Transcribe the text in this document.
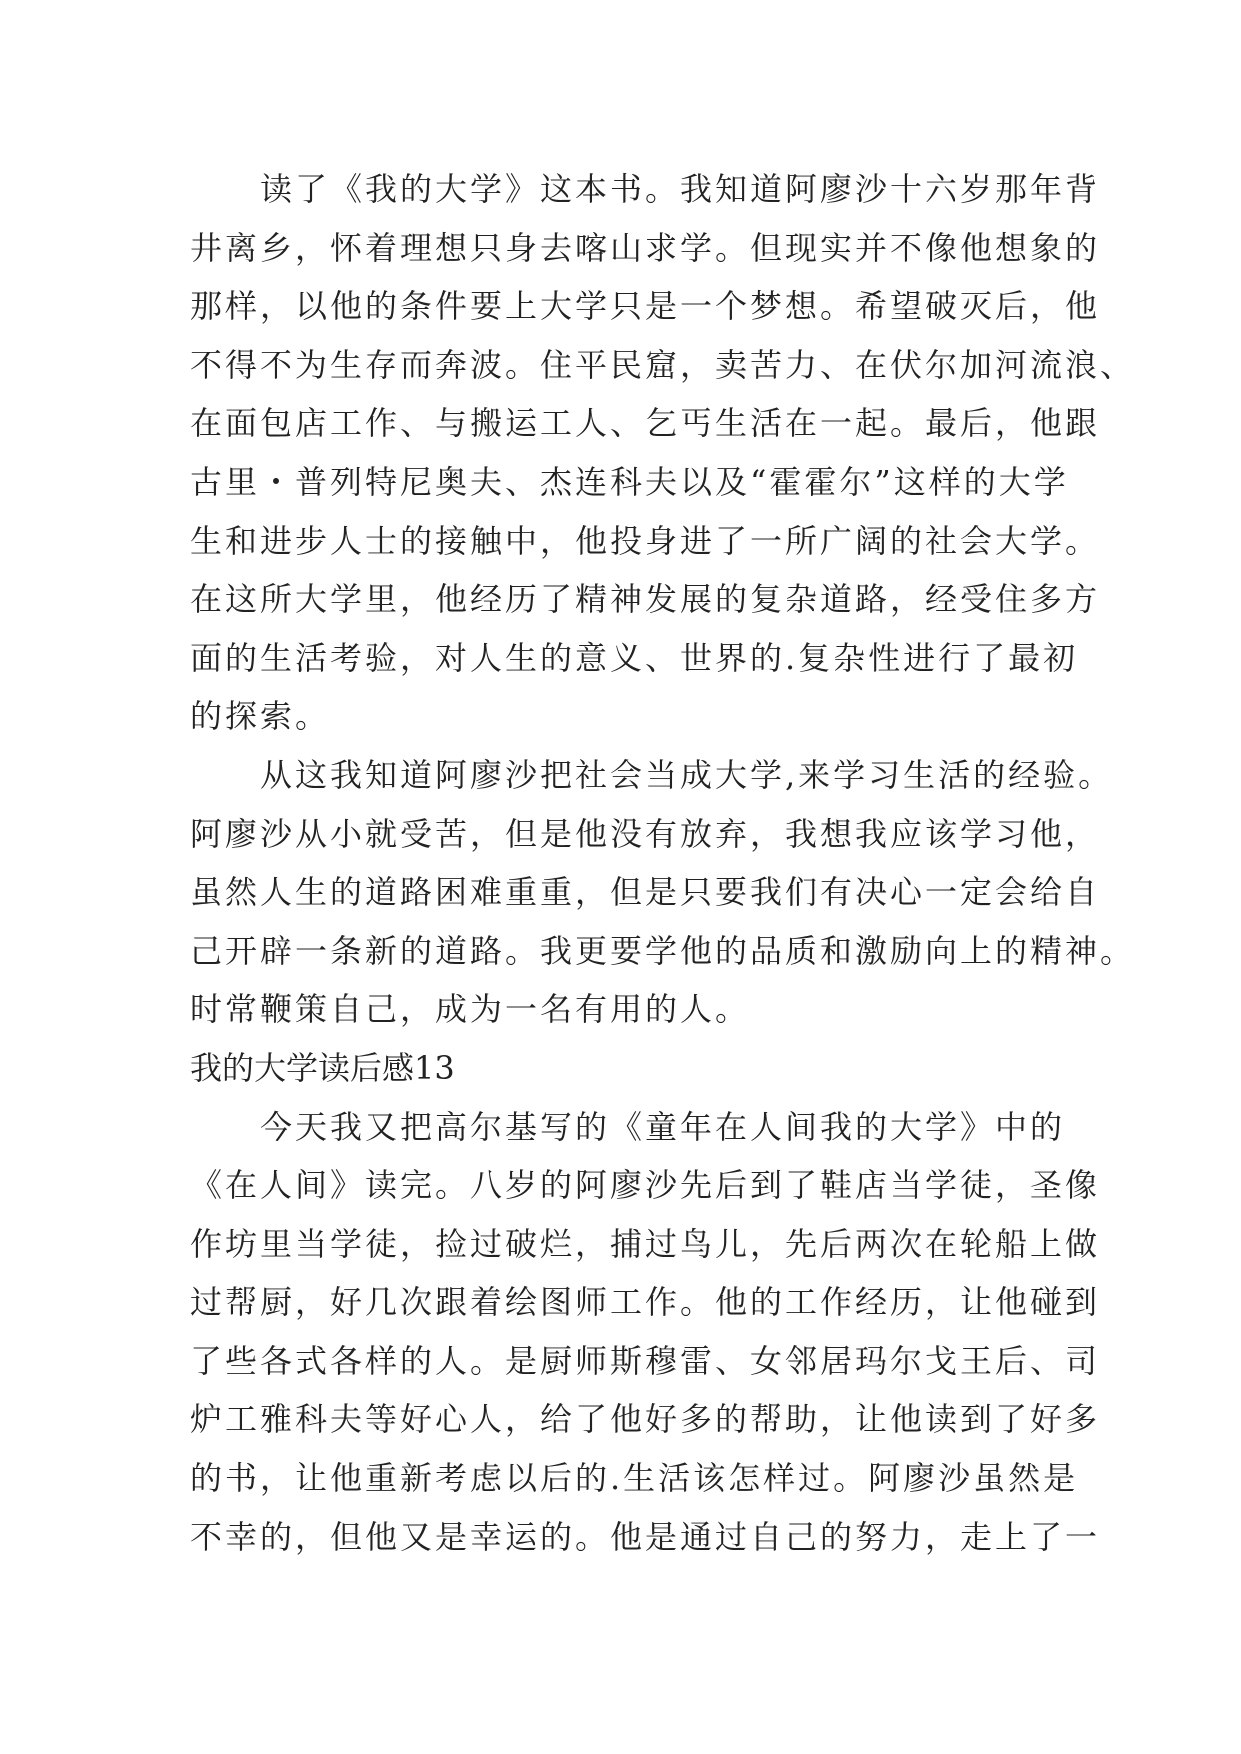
读了《我的大学》这本书。我知道阿廖沙十六岁那年背
井离乡，怀着理想只身去喀山求学。但现实并不像他想象的
那样，以他的条件要上大学只是一个梦想。希望破灭后，他
不得不为生存而奔波。住平民窟，卖苦力、在伏尔加河流浪、
在面包店工作、与搬运工人、乞丐生活在一起。最后，他跟
古里・普列特尼奥夫、杰连科夫以及“霍霍尔”这样的大学
生和进步人士的接触中，他投身进了一所广阔的社会大学。
在这所大学里，他经历了精神发展的复杂道路，经受住多方
面的生活考验，对人生的意义、世界的.复杂性进行了最初
的探索。
从这我知道阿廖沙把社会当成大学,来学习生活的经验。
阿廖沙从小就受苦，但是他没有放弃，我想我应该学习他，
虽然人生的道路困难重重，但是只要我们有决心一定会给自
己开辟一条新的道路。我更要学他的品质和激励向上的精神。
时常鞭策自己，成为一名有用的人。
我的大学读后感13
今天我又把高尔基写的《童年在人间我的大学》中的
《在人间》读完。八岁的阿廖沙先后到了鞋店当学徒，圣像
作坊里当学徒，捡过破烂，捕过鸟儿，先后两次在轮船上做
过帮厨，好几次跟着绘图师工作。他的工作经历，让他碰到
了些各式各样的人。是厨师斯穆雷、女邻居玛尔戈王后、司
炉工雅科夫等好心人，给了他好多的帮助，让他读到了好多
的书，让他重新考虑以后的.生活该怎样过。阿廖沙虽然是
不幸的，但他又是幸运的。他是通过自己的努力，走上了一
